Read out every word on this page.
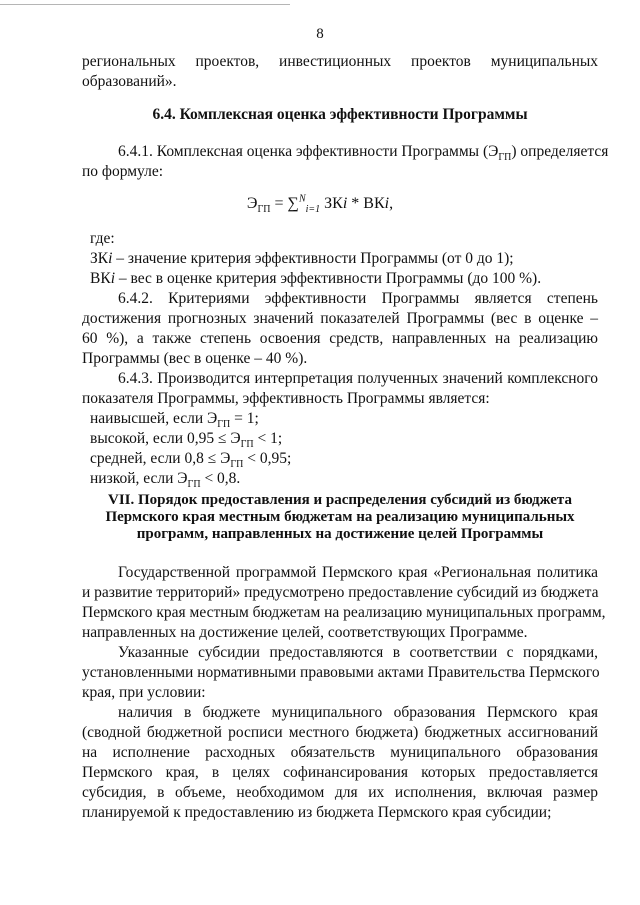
8
региональных проектов, инвестиционных проектов муниципальных
образований».
6.4. Комплексная оценка эффективности Программы
6.4.1. Комплексная оценка эффективности Программы $(Э_{ГП})$ определяется
по формуле:
$Э_{ГП} = \sum^N_{i=1}$ ЗКi * ВКi,
где:
ЗКi – значение критерия эффективности Программы (от 0 до 1);
ВКi – вес в оценке критерия эффективности Программы (до 100 %).
6.4.2. Критериями эффективности Программы является степень
достижения прогнозных значений показателей Программы (вес в оценке –
60 %), а также степень освоения средств, направленных на реализацию
Программы (вес в оценке – 40 %).
6.4.3. Производится интерпретация полученных значений комплексного
показателя Программы, эффективность Программы является:
наивысшей, если $Э_{ГП} = 1$;
высокой, если $0,95 \le Э_{ГП} < 1$;
средней, если $0,8 \le Э_{ГП} < 0,95$;
низкой, если $Э_{ГП} < 0,8$.
VII. Порядок предоставления и распределения субсидий из бюджета
Пермского края местным бюджетам на реализацию муниципальных
программ, направленных на достижение целей Программы
Государственной программой Пермского края «Региональная политика
и развитие территорий» предусмотрено предоставление субсидий из бюджета
Пермского края местным бюджетам на реализацию муниципальных программ,
направленных на достижение целей, соответствующих Программе.
Указанные субсидии предоставляются в соответствии с порядками,
установленными нормативными правовыми актами Правительства Пермского
края, при условии:
наличия в бюджете муниципального образования Пермского края
(сводной бюджетной росписи местного бюджета) бюджетных ассигнований
на исполнение расходных обязательств муниципального образования
Пермского края, в целях софинансирования которых предоставляется
субсидия, в объеме, необходимом для их исполнения, включая размер
планируемой к предоставлению из бюджета Пермского края субсидии;
